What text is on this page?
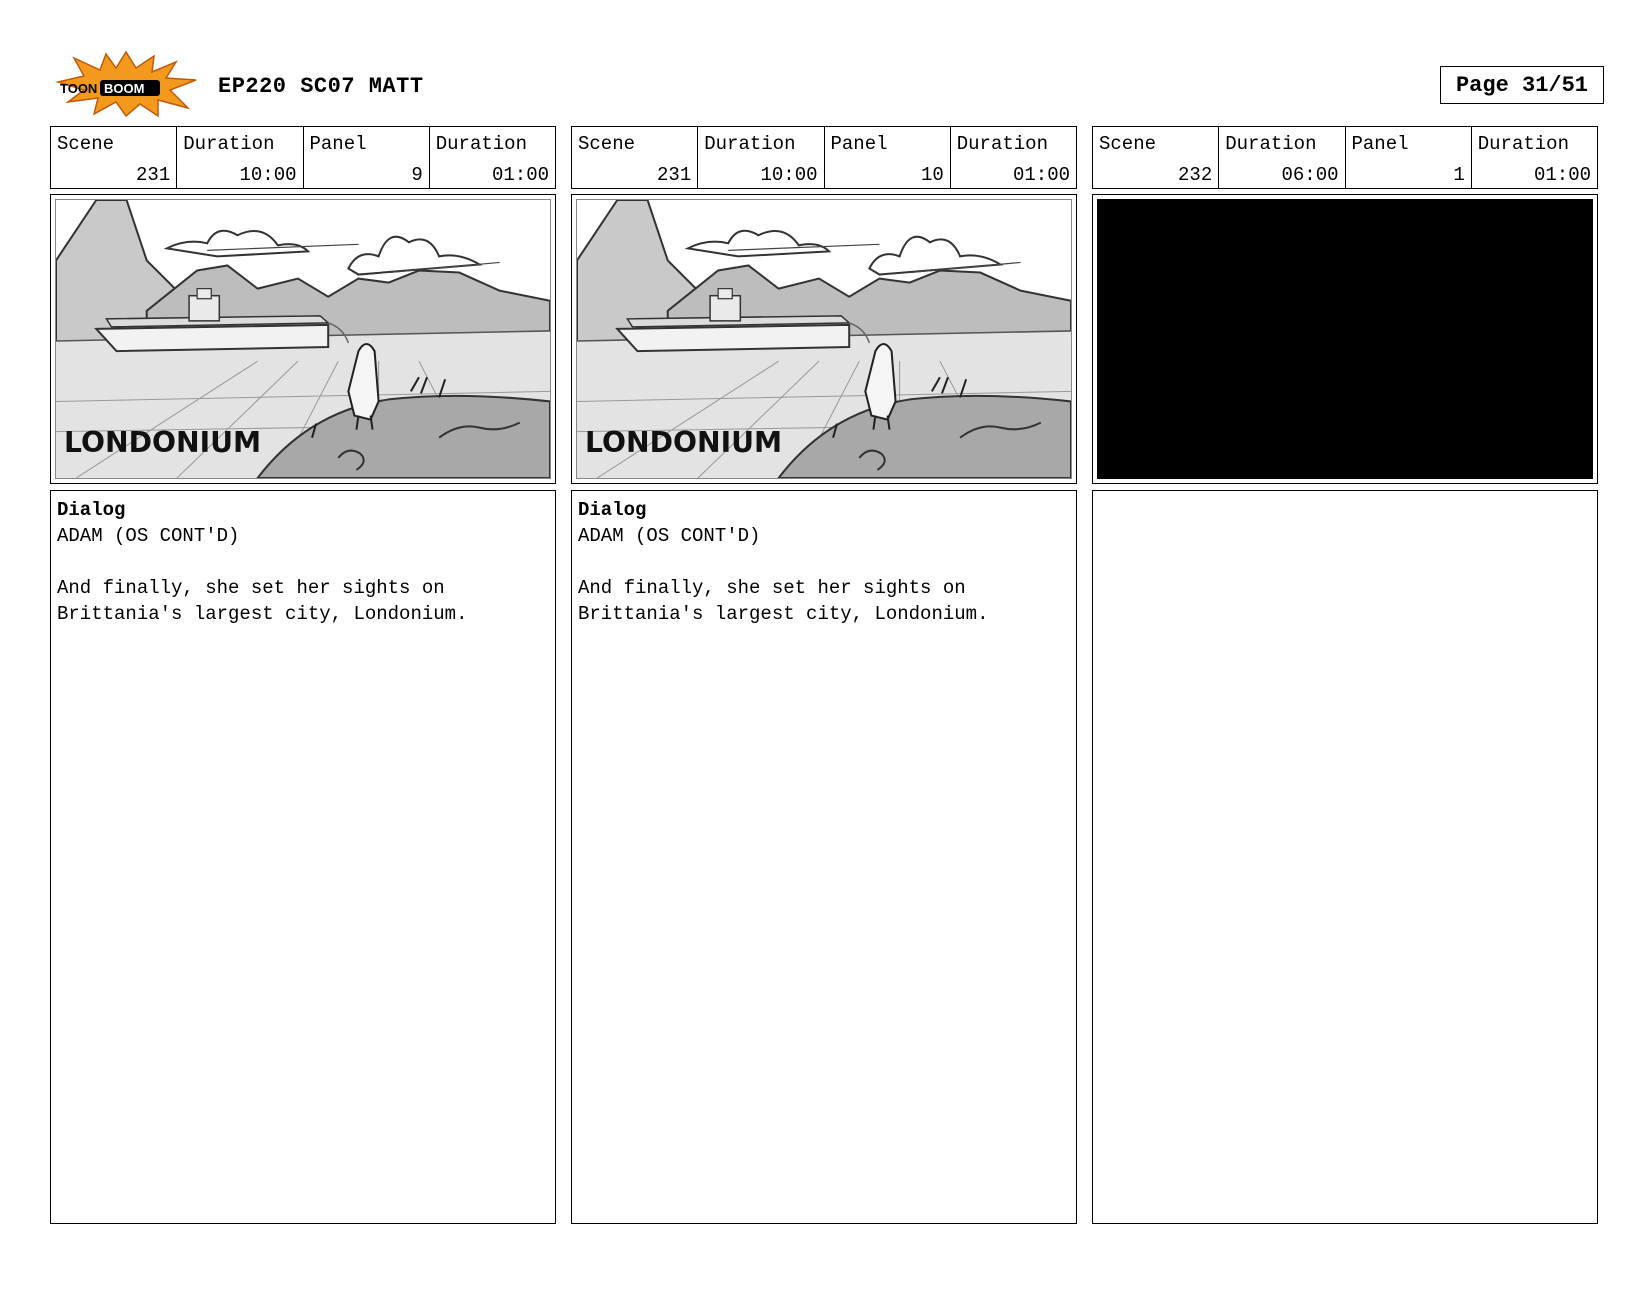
TOON BOOM	EP220 SC07 MATT	Page 31/51
Scene
231
Duration
10:00
Panel
9
Duration
01:00
LONDONIUM
Dialog
ADAM (OS CONT'D)
And finally, she set her sights on
Brittania's largest city, Londonium.
Scene
231
Duration
10:00
Panel
10
Duration
01:00
LONDONIUM
Dialog
ADAM (OS CONT'D)
And finally, she set her sights on
Brittania's largest city, Londonium.
Scene
232
Duration
06:00
Panel
1
Duration
01:00
